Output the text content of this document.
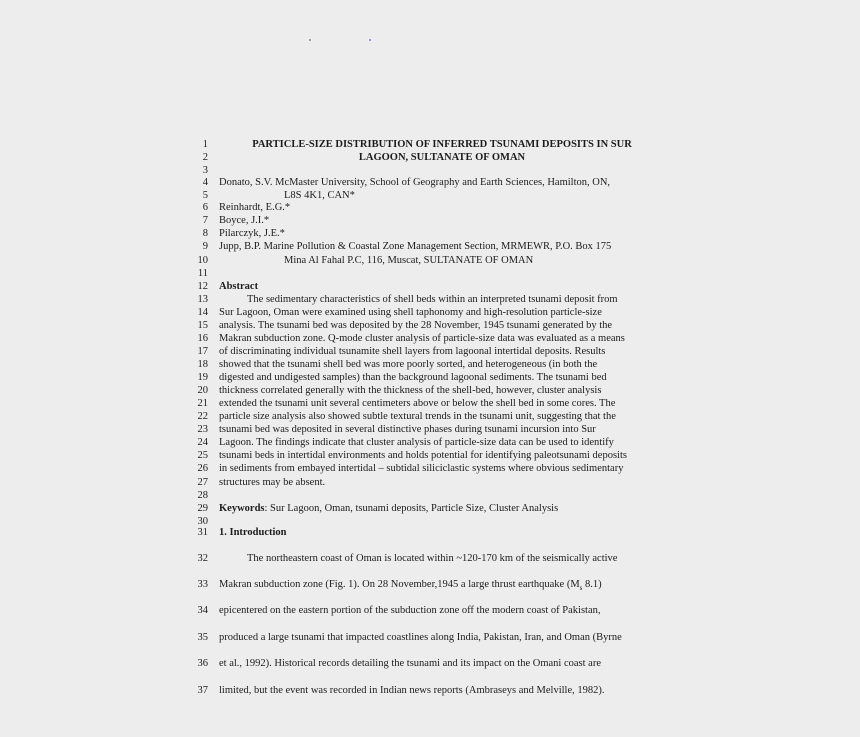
1	PARTICLE-SIZE DISTRIBUTION OF INFERRED TSUNAMI DEPOSITS IN SUR
2	LAGOON, SULTANATE OF OMAN
3
4 Donato, S.V. McMaster University, School of Geography and Earth Sciences, Hamilton, ON,
5	L8S 4K1, CAN*
6 Reinhardt, E.G.*
7 Boyce, J.I.*
8 Pilarczyk, J.E.*
9 Jupp, B.P. Marine Pollution & Coastal Zone Management Section, MRMEWR, P.O. Box 175
10	Mina Al Fahal P.C, 116, Muscat, SULTANATE OF OMAN
11
12 Abstract
13	The sedimentary characteristics of shell beds within an interpreted tsunami deposit from
14 Sur Lagoon, Oman were examined using shell taphonomy and high-resolution particle-size
15 analysis. The tsunami bed was deposited by the 28 November, 1945 tsunami generated by the
16 Makran subduction zone. Q-mode cluster analysis of particle-size data was evaluated as a means
17 of discriminating individual tsunamite shell layers from lagoonal intertidal deposits. Results
18 showed that the tsunami shell bed was more poorly sorted, and heterogeneous (in both the
19 digested and undigested samples) than the background lagoonal sediments. The tsunami bed
20 thickness correlated generally with the thickness of the shell-bed, however, cluster analysis
21 extended the tsunami unit several centimeters above or below the shell bed in some cores. The
22 particle size analysis also showed subtle textural trends in the tsunami unit, suggesting that the
23 tsunami bed was deposited in several distinctive phases during tsunami incursion into Sur
24 Lagoon. The findings indicate that cluster analysis of particle-size data can be used to identify
25 tsunami beds in intertidal environments and holds potential for identifying paleotsunami deposits
26 in sediments from embayed intertidal – subtidal siliciclastic systems where obvious sedimentary
27 structures may be absent.
28
29 Keywords: Sur Lagoon, Oman, tsunami deposits, Particle Size, Cluster Analysis
30
31 1. Introduction
32	The northeastern coast of Oman is located within ~120-170 km of the seismically active
33 Makran subduction zone (Fig. 1). On 28 November,1945 a large thrust earthquake ($M_s$ 8.1)
34 epicentered on the eastern portion of the subduction zone off the modern coast of Pakistan,
35 produced a large tsunami that impacted coastlines along India, Pakistan, Iran, and Oman (Byrne
36 et al., 1992). Historical records detailing the tsunami and its impact on the Omani coast are
37 limited, but the event was recorded in Indian news reports (Ambraseys and Melville, 1982).
